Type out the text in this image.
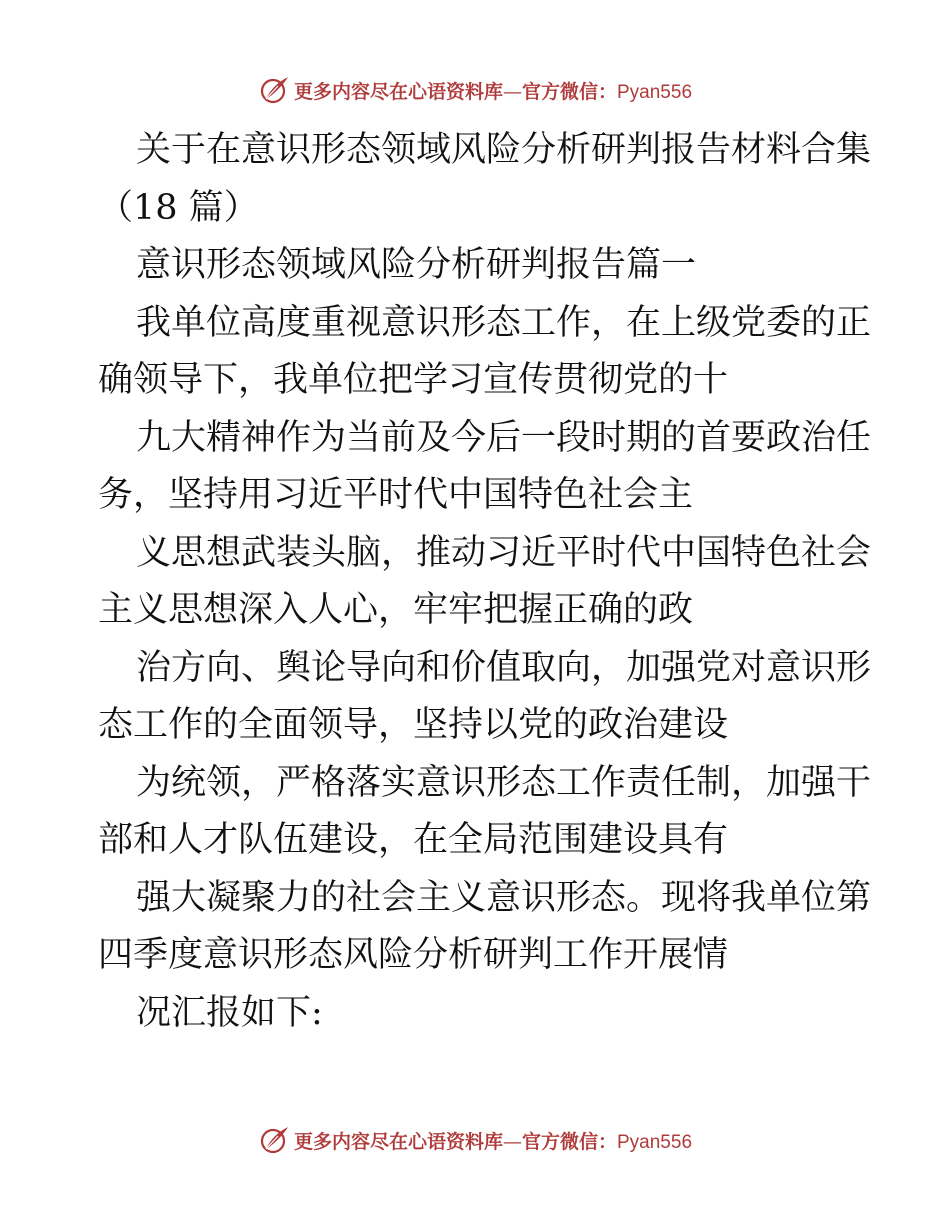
更多内容尽在心语资料库—官方微信：Pyan556
关于在意识形态领域风险分析研判报告材料合集
（18 篇）
意识形态领域风险分析研判报告篇一
我单位高度重视意识形态工作，在上级党委的正
确领导下，我单位把学习宣传贯彻党的十
九大精神作为当前及今后一段时期的首要政治任
务，坚持用习近平时代中国特色社会主
义思想武装头脑，推动习近平时代中国特色社会
主义思想深入人心，牢牢把握正确的政
治方向、舆论导向和价值取向，加强党对意识形
态工作的全面领导，坚持以党的政治建设
为统领，严格落实意识形态工作责任制，加强干
部和人才队伍建设，在全局范围建设具有
强大凝聚力的社会主义意识形态。现将我单位第
四季度意识形态风险分析研判工作开展情
况汇报如下:
更多内容尽在心语资料库—官方微信：Pyan556
